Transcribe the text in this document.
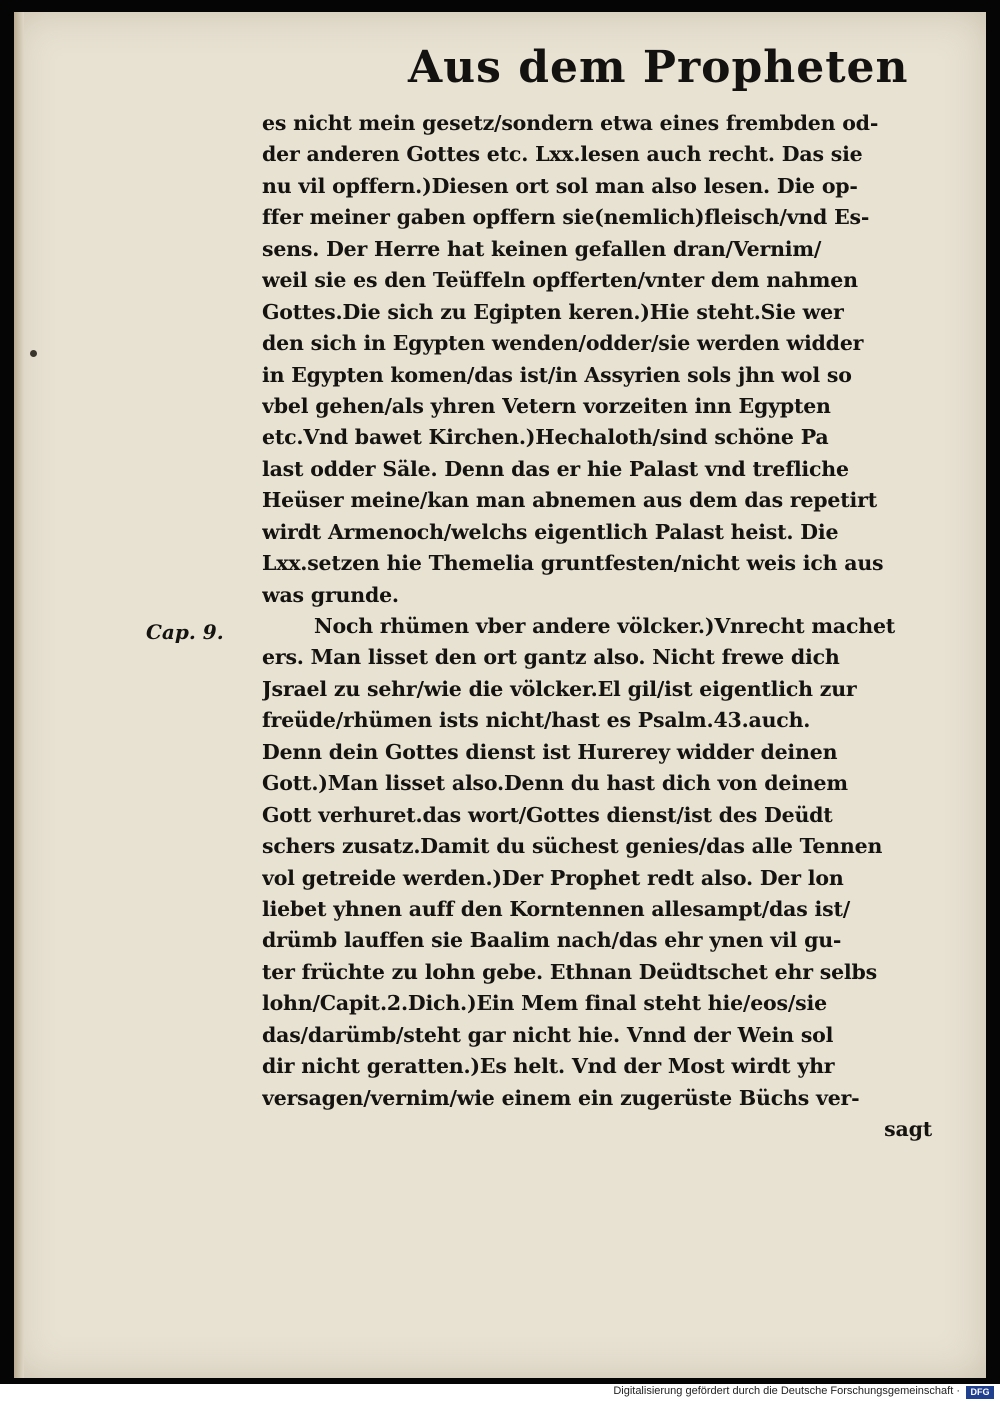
Aus dem Propheten
Cap. 9.
es nicht mein gesetz/sondern etwa eines frembden od-
der anderen Gottes etc. Lxx.lesen auch recht. Das sie
nu vil opffern.)Diesen ort sol man also lesen. Die op-
ffer meiner gaben opffern sie(nemlich)fleisch/vnd Es-
sens. Der Herre hat keinen gefallen dran/Vernim/
weil sie es den Teüffeln opfferten/vnter dem nahmen
Gottes.Die sich zu Egipten keren.)Hie steht.Sie wer
den sich in Egypten wenden/odder/sie werden widder
in Egypten komen/das ist/in Assyrien sols jhn wol so
vbel gehen/als yhren Vetern vorzeiten inn Egypten
etc.Vnd bawet Kirchen.)Hechaloth/sind schöne Pa
last odder Säle. Denn das er hie Palast vnd trefliche
Heüser meine/kan man abnemen aus dem das repetirt
wirdt Armenoch/welchs eigentlich Palast heist. Die
Lxx.setzen hie Themelia gruntfesten/nicht weis ich aus
was grunde.
Noch rhümen vber andere völcker.)Vnrecht machet
ers. Man lisset den ort gantz also. Nicht frewe dich
Jsrael zu sehr/wie die völcker.El gil/ist eigentlich zur
freüde/rhümen ists nicht/hast es Psalm.43.auch.
Denn dein Gottes dienst ist Hurerey widder deinen
Gott.)Man lisset also.Denn du hast dich von deinem
Gott verhuret.das wort/Gottes dienst/ist des Deüdt
schers zusatz.Damit du süchest genies/das alle Tennen
vol getreide werden.)Der Prophet redt also. Der lon
liebet yhnen auff den Korntennen allesampt/das ist/
drümb lauffen sie Baalim nach/das ehr ynen vil gu-
ter früchte zu lohn gebe. Ethnan Deüdtschet ehr selbs
lohn/Capit.2.Dich.)Ein Mem final steht hie/eos/sie
das/darümb/steht gar nicht hie. Vnnd der Wein sol
dir nicht geratten.)Es helt. Vnd der Most wirdt yhr
versagen/vernim/wie einem ein zugerüste Büchs ver-
sagt
Digitalisierung gefördert durch die Deutsche Forschungsgemeinschaft ·	DFG
